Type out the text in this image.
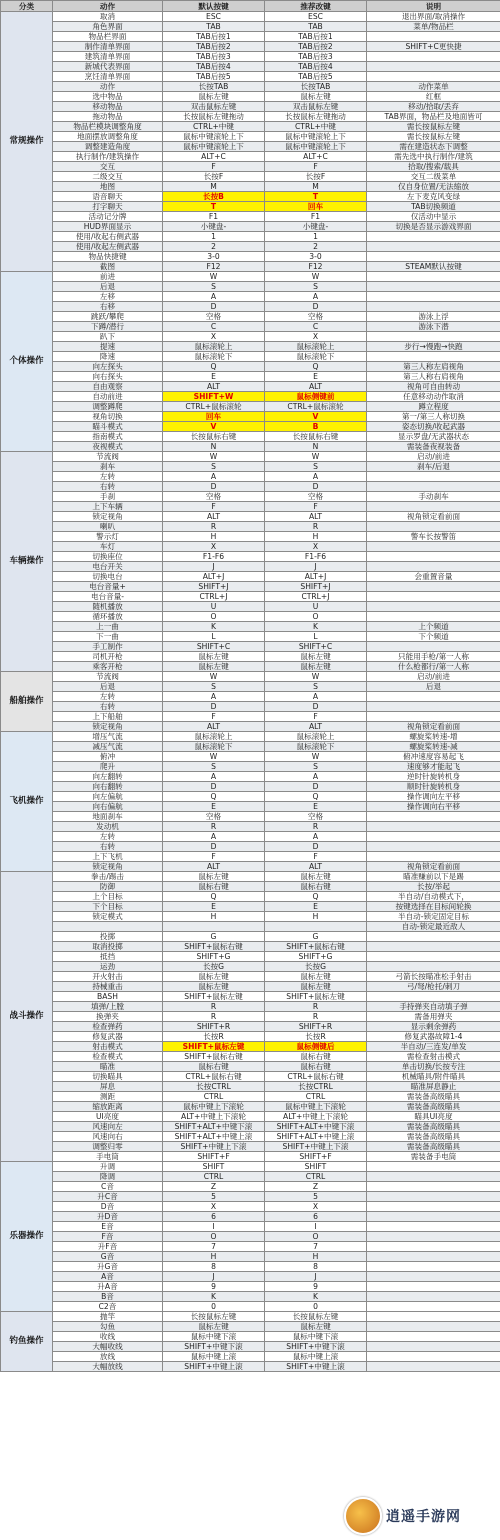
分类	动作	默认按键	推荐改键	说明
常规操作	取消	ESC	ESC	退出界面/取消操作
	角色界面	TAB	TAB	菜单/物品栏
	物品栏界面	TAB后按1	TAB后按1	
	制作清单界面	TAB后按2	TAB后按2	SHIFT+C更快捷
	建筑清单界面	TAB后按3	TAB后按3	
	新城代表界面	TAB后按4	TAB后按4	
	烹饪清单界面	TAB后按5	TAB后按5	
	动作	长按TAB	长按TAB	动作菜单
	选中物品	鼠标左键	鼠标左键	红框
	移动物品	双击鼠标左键	双击鼠标左键	移动/拾取/丢弃
	拖动物品	长按鼠标左键拖动	长按鼠标左键拖动	TAB界面，物品栏及地面皆可
	物品栏模块调整角度	CTRL+中键	CTRL+中键	需长按鼠标左键
	地面摆放调整角度	鼠标中键滚轮上下	鼠标中键滚轮上下	需长按鼠标左键
	调整建造角度	鼠标中键滚轮上下	鼠标中键滚轮上下	需在建造状态下调整
	执行制作/建筑操作	ALT+C	ALT+C	需先选中执行制作/建筑
	交互	F	F	拾取/搜索/载具
	二级交互	长按F	长按F	交互二级菜单
	地图	M	M	仅自身位置/无法缩放
	语音聊天	长按B	T	左下麦克风变绿
	打字聊天	T	回车	TAB切换频道
	活动记分牌	F1	F1	仅活动中显示
	HUD界面显示	小键盘-	小键盘-	切换是否显示游戏界面
	使用/收起右侧武器	1	1	
	使用/收起左侧武器	2	2	
	物品快捷键	3-0	3-0	
	截图	F12	F12	STEAM默认按键
个体操作	前进	W	W	
	后退	S	S	
	左移	A	A	
	右移	D	D	
	跳跃/攀爬	空格	空格	游泳上浮
	下蹲/潜行	C	C	游泳下潜
	趴下	X	X	
	提速	鼠标滚轮上	鼠标滚轮上	步行→慢跑→快跑
	降速	鼠标滚轮下	鼠标滚轮下	
	向左探头	Q	Q	第三人称左肩视角
	向右探头	E	E	第三人称右肩视角
	自由观察	ALT	ALT	视角可自由转动
	自动前进	SHIFT+W	鼠标侧键前	任意移动动作取消
	调整蹲爬	CTRL+鼠标滚轮	CTRL+鼠标滚轮	蹲立程度
	视角切换	回车	V	第一/第三人称切换
	瞄斗模式	V	B	姿态切换/收起武器
	指南模式	长按鼠标右键	长按鼠标右键	显示罗盘/无武器状态
	夜视模式	N	N	需装备夜视装备
车辆操作	节流阀	W	W	启动/前进
	刹车	S	S	刹车/后退
	左转	A	A	
	右转	D	D	
	手刹	空格	空格	手动刹车
	上下车辆	F	F	
	锁定视角	ALT	ALT	视角锁定看前面
	喇叭	R	R	
	警示灯	H	H	警车长按警笛
	车灯	X	X	
	切换座位	F1-F6	F1-F6	
	电台开关	J	J	
	切换电台	ALT+J	ALT+J	会重置音量
	电台音量+	SHIFT+J	SHIFT+J	
	电台音量-	CTRL+J	CTRL+J	
	随机播放	U	U	
	循环播放	O	O	
	上一曲	K	K	上个频道
	下一曲	L	L	下个频道
	手工制作	SHIFT+C	SHIFT+C	
	司机开枪	鼠标左键	鼠标左键	只能用手枪/第一人称
	乘客开枪	鼠标左键	鼠标左键	什么枪都行/第一人称
船舶操作	节流阀	W	W	启动/前进
	后退	S	S	后退
	左转	A	A	
	右转	D	D	
	上下船舶	F	F	
	锁定视角	ALT	ALT	视角锁定看前面
飞机操作	增压气流	鼠标滚轮上	鼠标滚轮上	螺旋桨转速-增
	减压气流	鼠标滚轮下	鼠标滚轮下	螺旋桨转速-减
	俯冲	W	W	俯冲速度容易起飞
	爬升	S	S	速度够才能起飞
	向左翻转	A	A	逆时针旋转机身
	向右翻转	D	D	顺时针旋转机身
	向左偏航	Q	Q	操作调向左平移
	向右偏航	E	E	操作调向右平移
	地面刹车	空格	空格	
	发动机	R	R	
	左转	A	A	
	右转	D	D	
	上下飞机	F	F	
	锁定视角	ALT	ALT	视角锁定看前面
战斗操作	拳击/踢击	鼠标左键	鼠标左键	瞄准赚前以下是踢
	防御	鼠标右键	鼠标右键	长按/举起
	上个目标	Q	Q	半自动/自动模式下，
	下个目标	E	E	按键选择在目标间轮换
	锁定模式	H	H	半自动-锁定固定目标
				自动-锁定最近敌人
	投掷	G	G	
	取消投掷	SHIFT+鼠标右键	SHIFT+鼠标右键	
	抵挡	SHIFT+G	SHIFT+G	
	运劲	长按G	长按G	
	开火射击	鼠标左键	鼠标左键	弓箭长按瞄准松手射击
	持械重击	鼠标左键	鼠标左键	弓/弩/枪托/刺刀
	BASH	SHIFT+鼠标左键	SHIFT+鼠标左键	
	填弹/上膛	R	R	手持弹夹自动填子弹
	换弹夹	R	R	需备用弹夹
	检查弹药	SHIFT+R	SHIFT+R	显示剩余弹药
	修复武器	长按R	长按R	修复武器故障1-4
	射击模式	SHIFT+鼠标左键	鼠标侧键后	半自动/三连发/单发
	检查模式	SHIFT+鼠标右键	鼠标右键	需检查射击模式
	瞄准	鼠标右键	鼠标右键	单击切换/长按专注
	切换瞄具	CTRL+鼠标右键	CTRL+鼠标右键	机械瞄具/附件瞄具
	屏息	长按CTRL	长按CTRL	瞄准屏息静止
	测距	CTRL	CTRL	需装备高级瞄具
	缩放距离	鼠标中键上下滚轮	鼠标中键上下滚轮	需装备高级瞄具
	UI亮度	ALT+中键上下滚轮	ALT+中键上下滚轮	瞄具UI亮度
	风速向左	SHIFT+ALT+中键下滚	SHIFT+ALT+中键下滚	需装备高级瞄具
	风速向右	SHIFT+ALT+中键上滚	SHIFT+ALT+中键上滚	需装备高级瞄具
	调整归零	SHIFT+中键上下滚	SHIFT+中键上下滚	需装备高级瞄具
	手电筒	SHIFT+F	SHIFT+F	需装备手电筒
乐器操作	升调	SHIFT	SHIFT	
	降调	CTRL	CTRL	
	C音	Z	Z	
	升C音	5	5	
	D音	X	X	
	升D音	6	6	
	E音	I	I	
	F音	O	O	
	升F音	7	7	
	G音	H	H	
	升G音	8	8	
	A音	J	J	
	升A音	9	9	
	B音	K	K	
	C2音	0	0	
钓鱼操作	抛竿	长按鼠标左键	长按鼠标左键	
	勾鱼	鼠标左键	鼠标左键	
	收线	鼠标中键下滚	鼠标中键下滚	
	大幅收线	SHIFT+中键下滚	SHIFT+中键下滚	
	放线	鼠标中键上滚	鼠标中键上滚	
	大幅放线	SHIFT+中键上滚	SHIFT+中键上滚	
逍遥手游网
